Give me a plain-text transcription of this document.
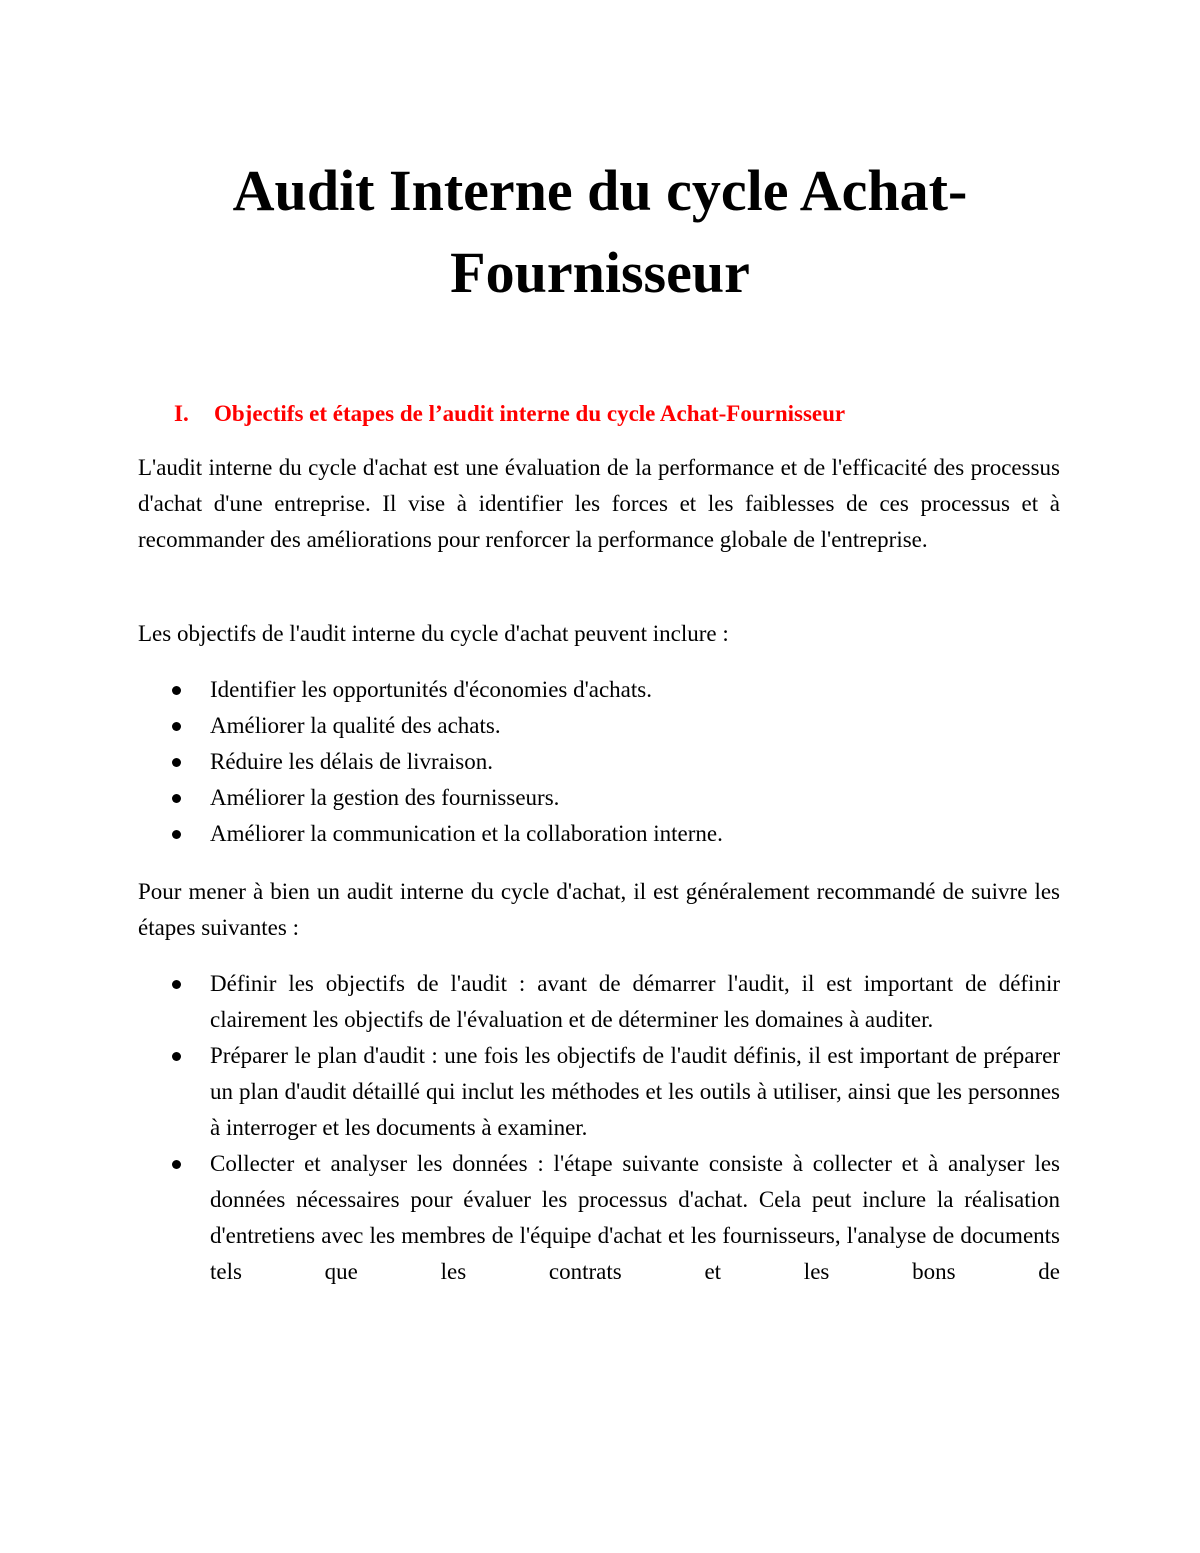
Audit Interne du cycle Achat-
Fournisseur
I. Objectifs et étapes de l’audit interne du cycle Achat-Fournisseur

L'audit interne du cycle d'achat est une évaluation de la performance et de l'efficacité des processus d'achat d'une entreprise. Il vise à identifier les forces et les faiblesses de ces processus et à recommander des améliorations pour renforcer la performance globale de l'entreprise.

Les objectifs de l'audit interne du cycle d'achat peuvent inclure :

Identifier les opportunités d'économies d'achats.
Améliorer la qualité des achats.
Réduire les délais de livraison.
Améliorer la gestion des fournisseurs.
Améliorer la communication et la collaboration interne.

Pour mener à bien un audit interne du cycle d'achat, il est généralement recommandé de suivre les étapes suivantes :

Définir les objectifs de l'audit : avant de démarrer l'audit, il est important de définir clairement les objectifs de l'évaluation et de déterminer les domaines à auditer.
Préparer le plan d'audit : une fois les objectifs de l'audit définis, il est important de préparer un plan d'audit détaillé qui inclut les méthodes et les outils à utiliser, ainsi que les personnes à interroger et les documents à examiner.
Collecter et analyser les données : l'étape suivante consiste à collecter et à analyser les données nécessaires pour évaluer les processus d'achat. Cela peut inclure la réalisation d'entretiens avec les membres de l'équipe d'achat et les fournisseurs, l'analyse de documents tels que les contrats et les bons de
